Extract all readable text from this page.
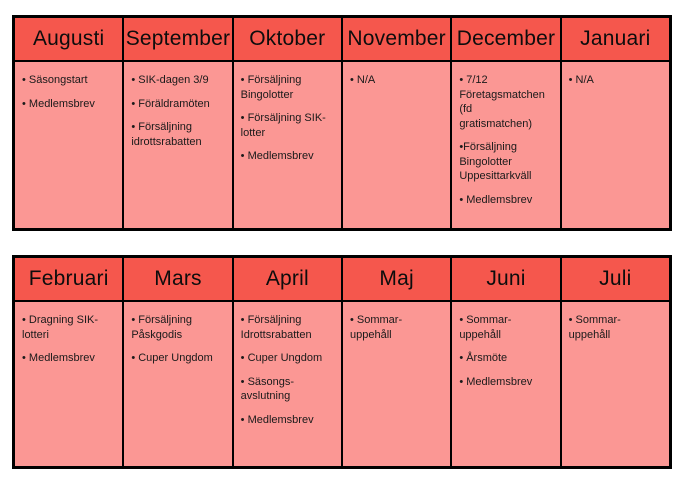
Augusti
• Säsongstart
• Medlemsbrev
September
• SIK-dagen 3/9
• Föräldramöten
• Försäljning idrottsrabatten
Oktober
• Försäljning Bingolotter
• Försäljning SIK-lotter
• Medlemsbrev
November
• N/A
December
• 7/12 Företagsmatchen (fd gratismatchen)
•Försäljning Bingolotter Uppesittarkväll
• Medlemsbrev
Januari
• N/A
Februari
• Dragning SIK-lotteri
• Medlemsbrev
Mars
• Försäljning Påskgodis
• Cuper Ungdom
April
• Försäljning Idrottsrabatten
• Cuper Ungdom
• Säsongs-avslutning
• Medlemsbrev
Maj
• Sommar-uppehåll
Juni
• Sommar-uppehåll
• Årsmöte
• Medlemsbrev
Juli
• Sommar-uppehåll
